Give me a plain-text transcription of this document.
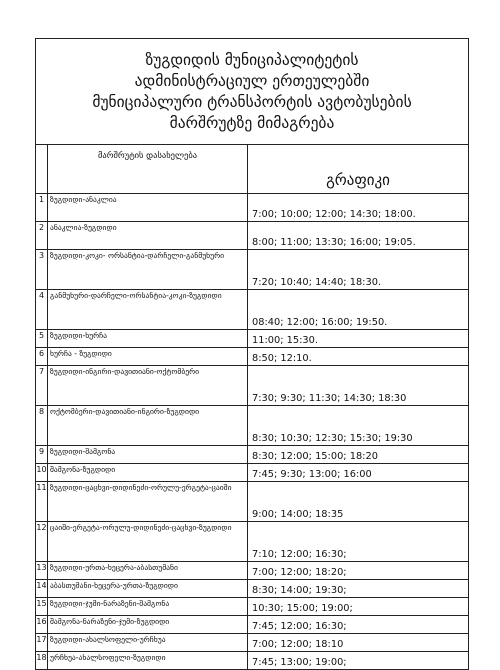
ზუგდიდის მუნიციპალიტეტის
ადმინისტრაციულ ერთეულებში
მუნიციპალური ტრანსპორტის ავტობუსების
მარშრუტზე მიმაგრება		

	მარშრუტის დასახელება	გრაფიკი
1	ზუგდიდი-ანაკლია	7:00; 10:00; 12:00; 14:30; 18:00.
2	ანაკლია-ზუგდიდი	8:00; 11:00; 13:30; 16:00; 19:05.
3	ზუგდიდი-კოკი- ორსანტია-დარჩელი-განმუხური	7:20; 10:40; 14:40; 18:30.
4	განმუხური-დარჩელი-ორსანტია-კოკი-ზუგდიდი	08:40; 12:00; 16:00; 19:50.
5	ზუგდიდი-ხურჩა	11:00; 15:30.
6	ხურჩა - ზუგდიდი	8:50; 12:10.
7	ზუგდიდი-ინგირი-დავითიანი-ოქტომბერი	7:30; 9:30; 11:30; 14:30; 18:30
8	ოქტომბერი-დავითიანი-ინგირი-ზუგდიდი	8:30; 10:30; 12:30; 15:30; 19:30
9	ზუგდიდი-შამგონა	8:30; 12:00; 15:00; 18:20
10	შამგონა-ზუგდიდი	7:45; 9:30; 13:00; 16:00
11	ზუგდიდი-ცაცხვი-დიდინეძი-ორულუ-ერგეტა-ცაიში	9:00; 14:00; 18:35
12	ცაიში-ერგეტა-ორულუ-დიდინეძი-ცაცხვი-ზუგდიდი	7:10; 12:00; 16:30;
13	ზუგდიდი-ურთა-ხეცერა-აბასთუმანი	7:00; 12:00; 18:20;
14	აბასთუმანი-ხეცერა-ურთა-ზუგდიდი	8:30; 14:00; 19:30;
15	ზუგდიდი-ჯუმი-ნარაზენი-შამგონა	10:30; 15:00; 19:00;
16	შამგონა-ნარაზენი-ჯუმი-ზუგდიდი	7:45; 12:00; 16:30;
17	ზუგდიდი-ახალსოფელი-ურჩხუა	7:00; 12:00; 18:10
18	ურჩხუა-ახალსოფელი-ზუგდიდი	7:45; 13:00; 19:00;
